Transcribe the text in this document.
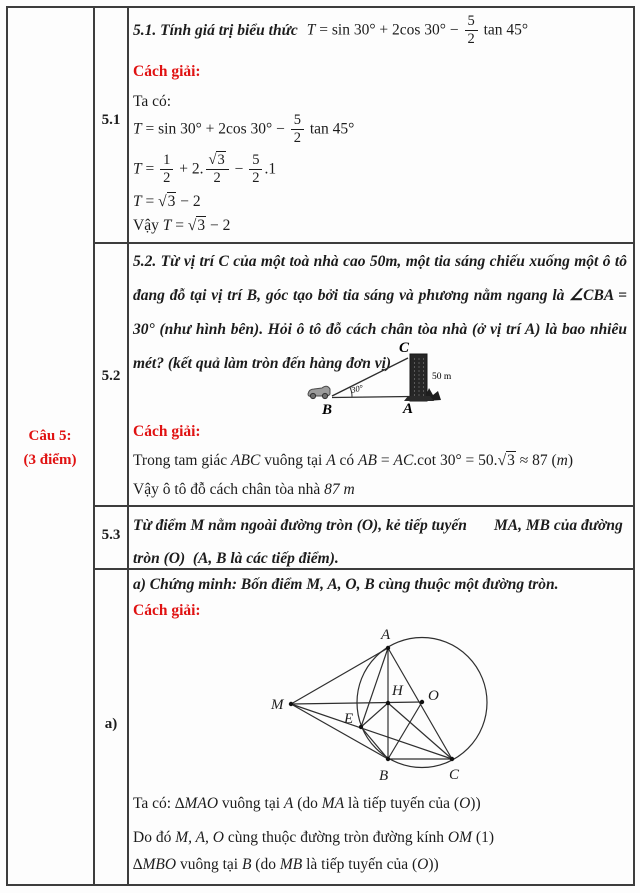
Câu 5:
(3 điểm)
5.1
5.2
5.3
a)
5.1. Tính giá trị biểu thức T = sin 30° + 2cos $30^\circ - \frac{5}{2}$ tan 45°
Cách giải:
Ta có:
T = sin 30° + 2cos $30^\circ - \frac{5}{2}$ tan 45°
$T = \frac{1}{2} + 2$. $\frac{√3}{2} - \frac{5}{2} .1$
T = √3 − 2
Vậy T = √3 − 2
5.2. Từ vị trí C của một toà nhà cao 50m, một tia sáng chiếu xuống một ô tô đang đỗ tại vị trí B, góc tạo bởi tia sáng và phương nằm ngang là ∠CBA = 30° (như hình bên). Hỏi ô tô đỗ cách chân tòa nhà (ở vị trí A) là bao nhiêu mét? (kết quả làm tròn đến hàng đơn vị)
C
B	A
30°
50 m
Cách giải:
Trong tam giác ABC vuông tại A có AB = AC.cot 30° = 50.√3 ≈ 87 (m)
Vậy ô tô đỗ cách chân tòa nhà 87 m
Từ điểm M nằm ngoài đường tròn (O), kẻ tiếp tuyến       MA, MB của đường tròn (O)  (A, B là các tiếp điểm).
a) Chứng minh: Bốn điểm M, A, O, B cùng thuộc một đường tròn.
Cách giải:
M
A
H O
E
B	C
Ta có: ∆MAO vuông tại A (do MA là tiếp tuyến của (O))
Do đó M, A, O cùng thuộc đường tròn đường kính OM (1)
∆MBO vuông tại B (do MB là tiếp tuyến của (O))
